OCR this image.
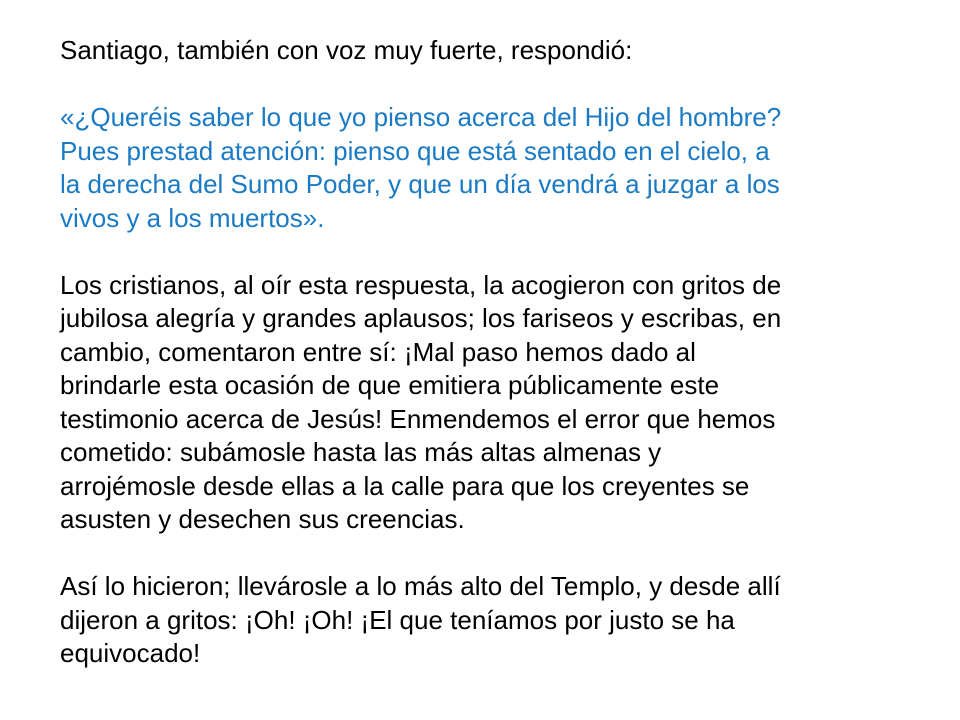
Santiago, también con voz muy fuerte, respondió:

«¿Queréis saber lo que yo pienso acerca del Hijo del hombre?
Pues prestad atención: pienso que está sentado en el cielo, a
la derecha del Sumo Poder, y que un día vendrá a juzgar a los
vivos y a los muertos».

Los cristianos, al oír esta respuesta, la acogieron con gritos de
jubilosa alegría y grandes aplausos; los fariseos y escribas, en
cambio, comentaron entre sí: ¡Mal paso hemos dado al
brindarle esta ocasión de que emitiera públicamente este
testimonio acerca de Jesús! Enmendemos el error que hemos
cometido: subámosle hasta las más altas almenas y
arrojémosle desde ellas a la calle para que los creyentes se
asusten y desechen sus creencias.

Así lo hicieron; llevárosle a lo más alto del Templo, y desde allí
dijeron a gritos: ¡Oh! ¡Oh! ¡El que teníamos por justo se ha
equivocado!
